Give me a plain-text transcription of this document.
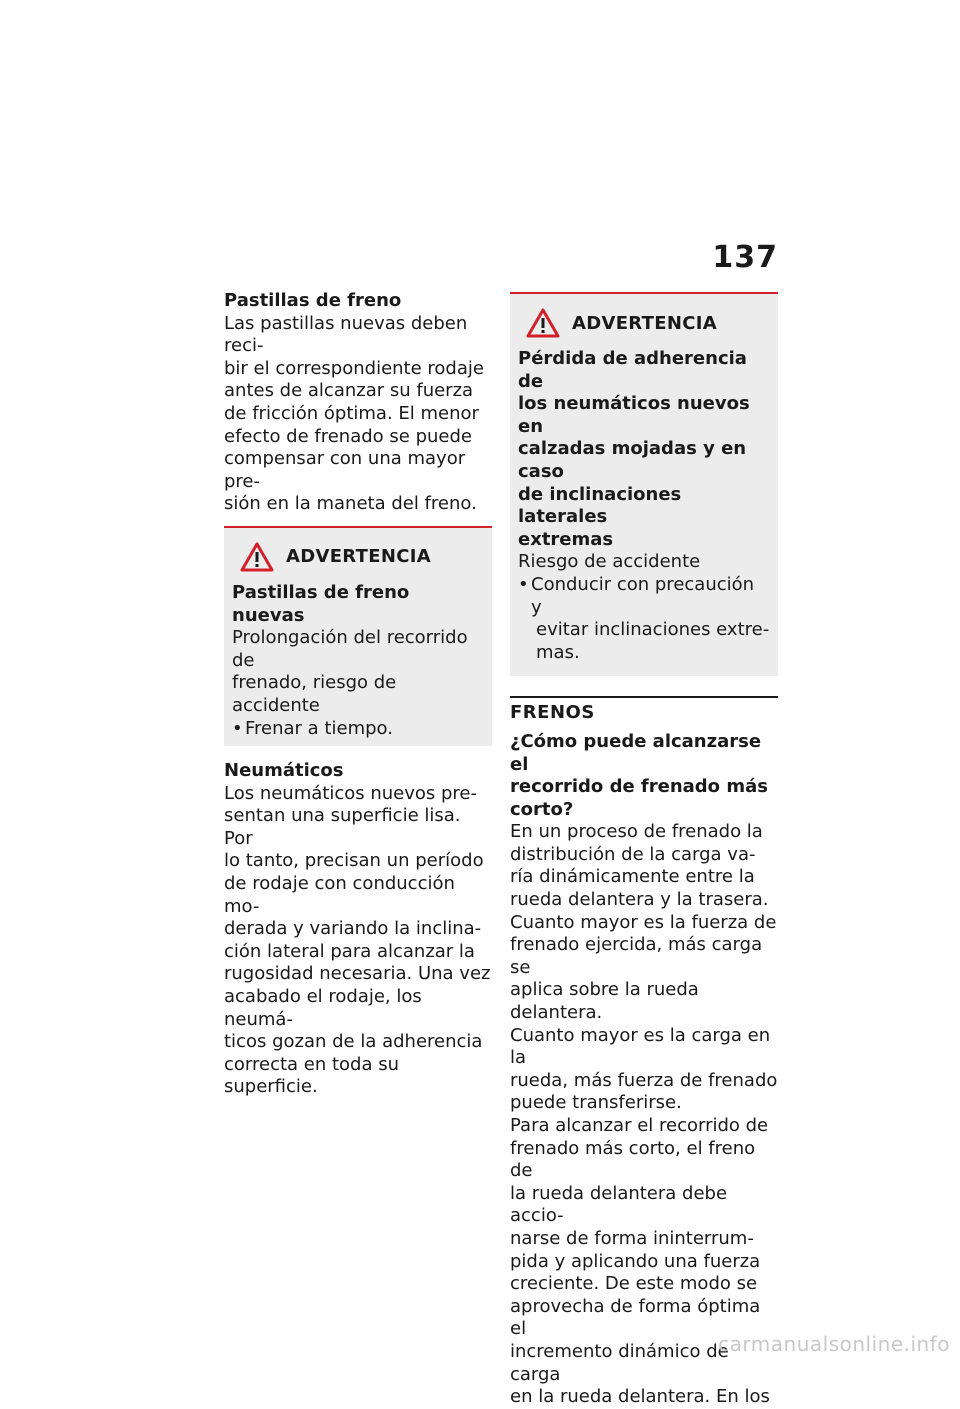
137
Pastillas de freno
Las pastillas nuevas deben reci-
bir el correspondiente rodaje
antes de alcanzar su fuerza
de fricción óptima. El menor
efecto de frenado se puede
compensar con una mayor pre-
sión en la maneta del freno.
ADVERTENCIA
Pastillas de freno nuevas
Prolongación del recorrido de
frenado, riesgo de accidente
• Frenar a tiempo.
Neumáticos
Los neumáticos nuevos pre-
sentan una superficie lisa. Por
lo tanto, precisan un período
de rodaje con conducción mo-
derada y variando la inclina-
ción lateral para alcanzar la
rugosidad necesaria. Una vez
acabado el rodaje, los neumá-
ticos gozan de la adherencia
correcta en toda su superficie.
ADVERTENCIA
Pérdida de adherencia de
los neumáticos nuevos en
calzadas mojadas y en caso
de inclinaciones laterales
extremas
Riesgo de accidente
• Conducir con precaución y
evitar inclinaciones extre-
mas.
FRENOS
¿Cómo puede alcanzarse el
recorrido de frenado más
corto?
En un proceso de frenado la
distribución de la carga va-
ría dinámicamente entre la
rueda delantera y la trasera.
Cuanto mayor es la fuerza de
frenado ejercida, más carga se
aplica sobre la rueda delantera.
Cuanto mayor es la carga en la
rueda, más fuerza de frenado
puede transferirse.
Para alcanzar el recorrido de
frenado más corto, el freno de
la rueda delantera debe accio-
narse de forma ininterrum-
pida y aplicando una fuerza
creciente. De este modo se
aprovecha de forma óptima el
incremento dinámico de carga
en la rueda delantera. En los
carmanualsonline.info
